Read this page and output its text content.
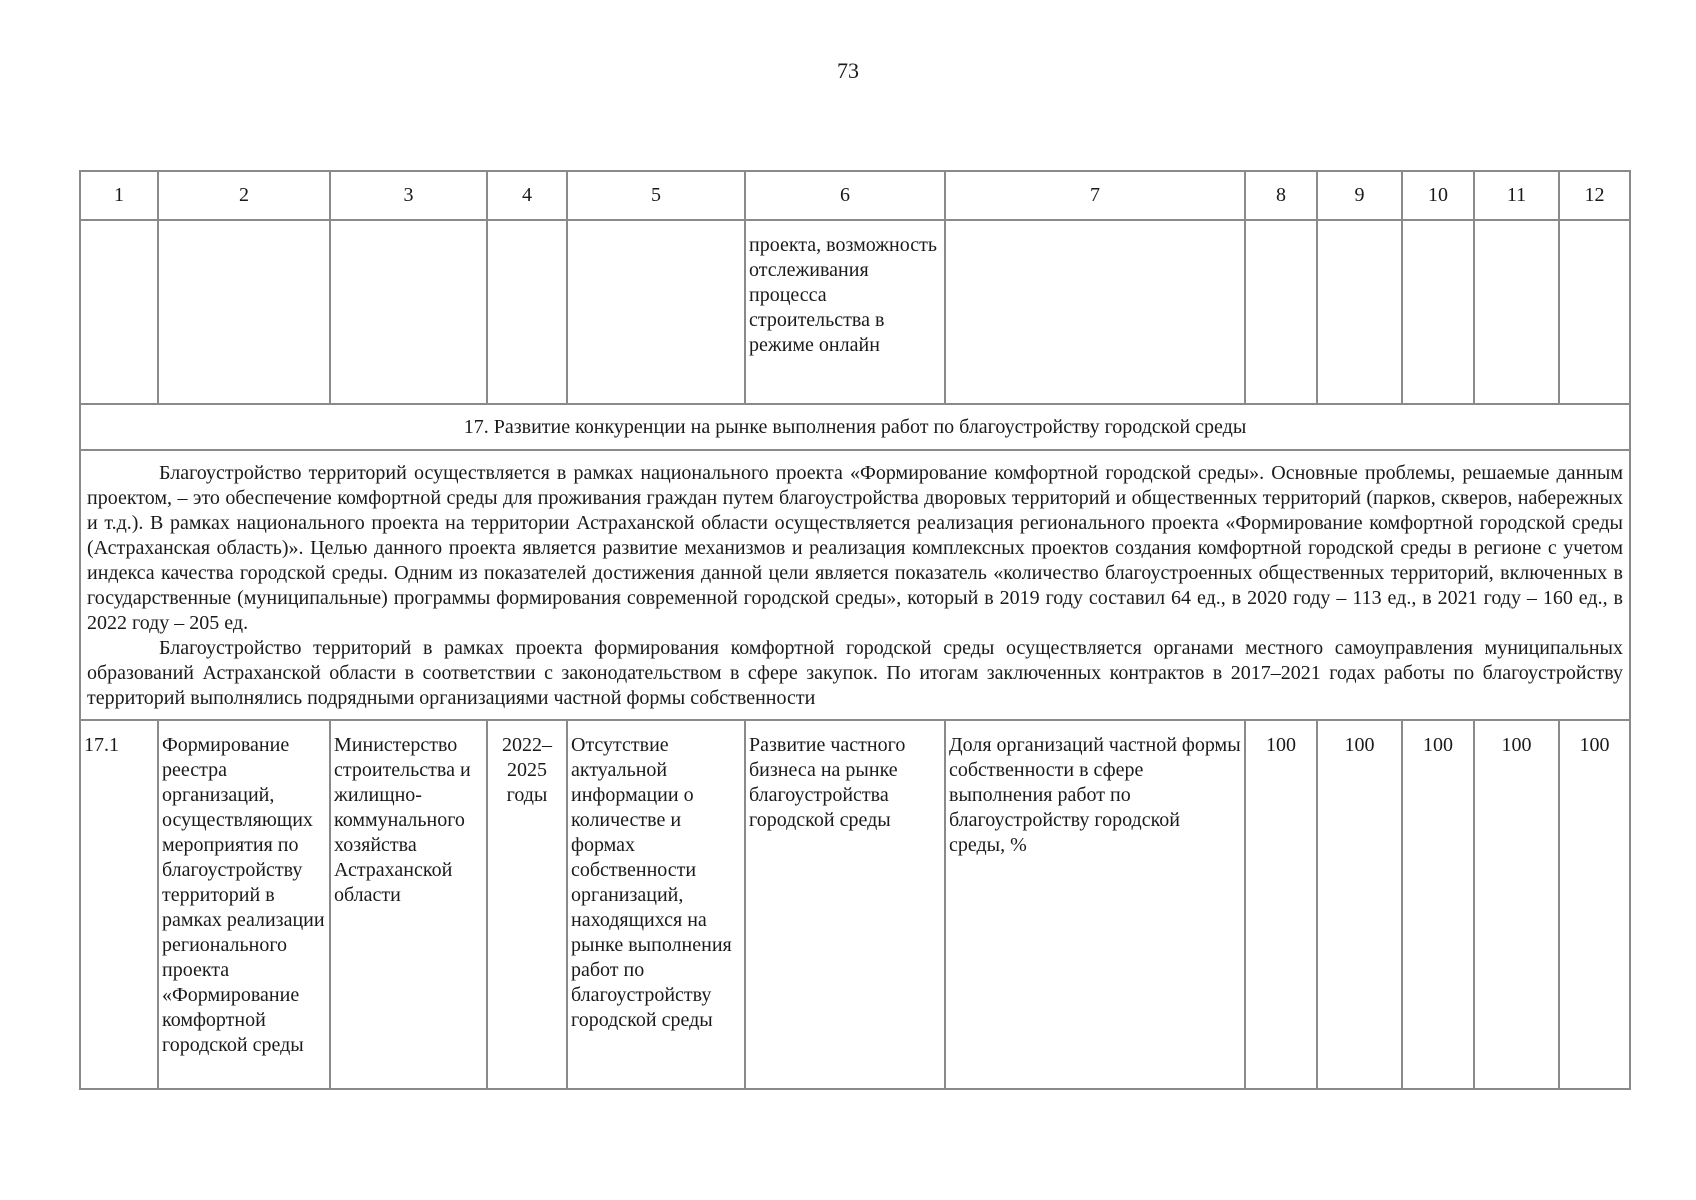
73
1	2	3	4	5	6	7	8	9	10	11	12
					проекта, возможность отслеживания процесса строительства в режиме онлайн						
17. Развитие конкуренции на рынке выполнения работ по благоустройству городской среды											

Благоустройство территорий осуществляется в рамках национального проекта «Формирование комфортной городской среды». Основные проблемы, решаемые данным проектом, – это обеспечение комфортной среды для проживания граждан путем благоустройства дворовых территорий и общественных территорий (парков, скверов, набережных и т.д.). В рамках национального проекта на территории Астраханской области осуществляется реализация регионального проекта «Формирование комфортной городской среды (Астраханская область)». Целью данного проекта является развитие механизмов и реализация комплексных проектов создания комфортной городской среды в регионе с учетом индекса качества городской среды. Одним из показателей достижения данной цели является показатель «количество благоустроенных общественных территорий, включенных в государственные (муниципальные) программы формирования современной городской среды», который в 2019 году составил 64 ед., в 2020 году – 113 ед., в 2021 году – 160 ед., в 2022 году – 205 ед.

Благоустройство территорий в рамках проекта формирования комфортной городской среды осуществляется органами местного самоуправления муниципальных образований Астраханской области в соответствии с законодательством в сфере закупок. По итогам заключенных контрактов в 2017–2021 годах работы по благоустройству территорий выполнялись подрядными организациями частной формы собственности											

17.1	Формирование реестра организаций, осуществляющих мероприятия по благоустройству территорий в рамках реализации регионального проекта «Формирование комфортной городской среды	Министерство строительства и жилищно-коммунального хозяйства Астраханской области	2022–2025 годы	Отсутствие актуальной информации о количестве и формах собственности организаций, находящихся на рынке выполнения работ по благоустройству городской среды	Развитие частного бизнеса на рынке благоустройства городской среды	Доля организаций частной формы собственности в сфере выполнения работ по благоустройству городской среды, %	100	100	100	100	100
